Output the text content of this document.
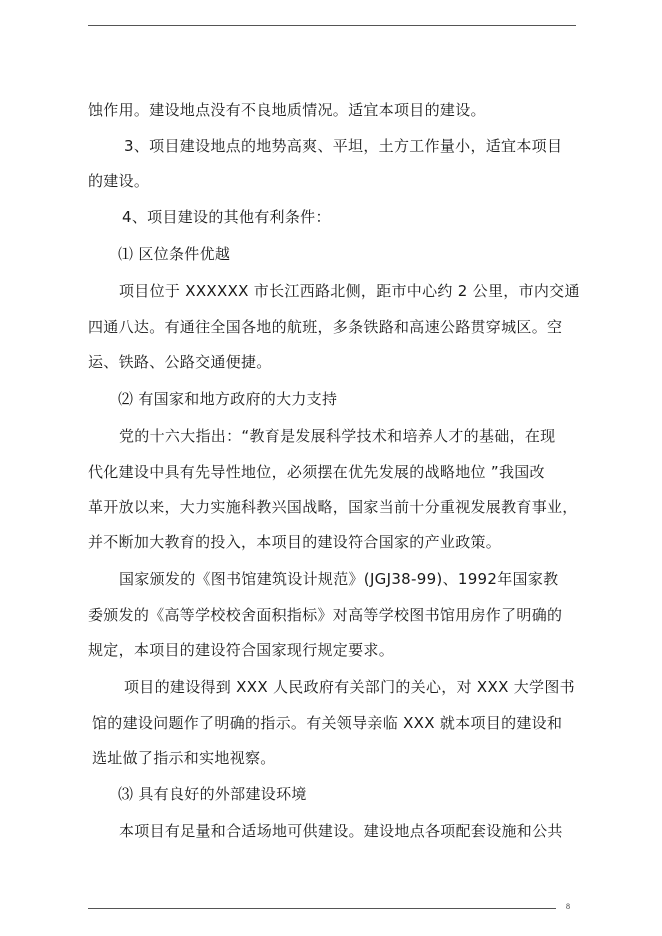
蚀作用。建设地点没有不良地质情况。适宜本项目的建设。
3、项目建设地点的地势高爽、平坦，土方工作量小，适宜本项目
的建设。
4、项目建设的其他有利条件：
⑴ 区位条件优越
项目位于 XXXXXX 市长江西路北侧，距市中心约 2 公里，市内交通
四通八达。有通往全国各地的航班，多条铁路和高速公路贯穿城区。空
运、铁路、公路交通便捷。
⑵ 有国家和地方政府的大力支持
党的十六大指出：“教育是发展科学技术和培养人才的基础，在现
代化建设中具有先导性地位，必须摆在优先发展的战略地位 ”我国改
革开放以来，大力实施科教兴国战略，国家当前十分重视发展教育事业，
并不断加大教育的投入，本项目的建设符合国家的产业政策。
国家颁发的《图书馆建筑设计规范》(JGJ38-99)、1992年国家教
委颁发的《高等学校校舍面积指标》对高等学校图书馆用房作了明确的
规定，本项目的建设符合国家现行规定要求。
项目的建设得到 XXX 人民政府有关部门的关心，对 XXX 大学图书
馆的建设问题作了明确的指示。有关领导亲临 XXX 就本项目的建设和
选址做了指示和实地视察。
⑶ 具有良好的外部建设环境
本项目有足量和合适场地可供建设。建设地点各项配套设施和公共
8
